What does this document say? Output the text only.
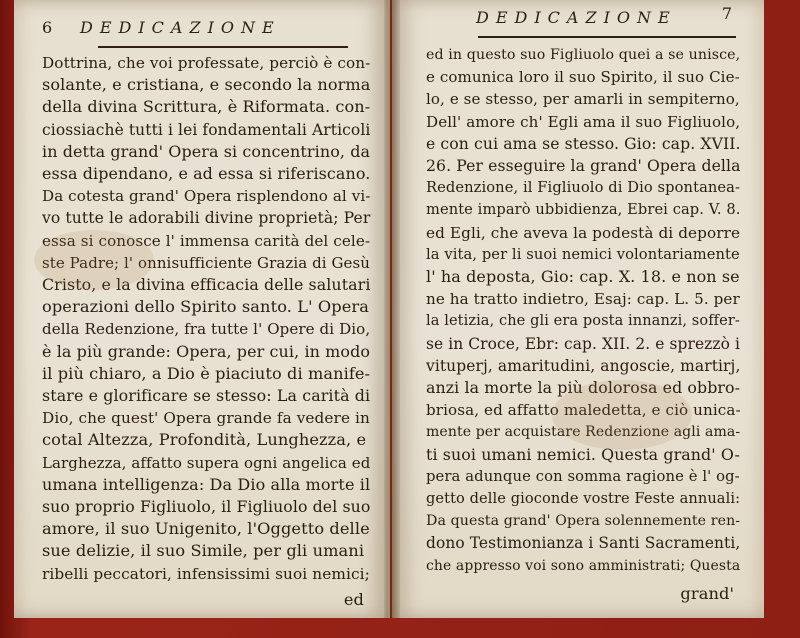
6 DEDICAZIONE
Dottrina, che voi professate, perciò è con-
solante, e cristiana, e secondo la norma
della divina Scrittura, è Riformata. con-
ciossiachè tutti i lei fondamentali Articoli
in detta grand' Opera si concentrino, da
essa dipendano, e ad essa si riferiscano.
Da cotesta grand' Opera risplendono al vi-
vo tutte le adorabili divine proprietà; Per
essa si conosce l' immensa carità del cele-
ste Padre; l' onnisufficiente Grazia di Gesù
Cristo, e la divina efficacia delle salutari
operazioni dello Spirito santo. L' Opera
della Redenzione, fra tutte l' Opere di Dio,
è la più grande: Opera, per cui, in modo
il più chiaro, a Dio è piaciuto di manife-
stare e glorificare se stesso: La carità di
Dio, che quest' Opera grande fa vedere in
cotal Altezza, Profondità, Lunghezza, e
Larghezza, affatto supera ogni angelica ed
umana intelligenza: Da Dio alla morte il
suo proprio Figliuolo, il Figliuolo del suo
amore, il suo Unigenito, l'Oggetto delle
sue delizie, il suo Simile, per gli umani
ribelli peccatori, infensissimi suoi nemici;
ed
DEDICAZIONE	7
ed in questo suo Figliuolo quei a se unisce,
e comunica loro il suo Spirito, il suo Cie-
lo, e se stesso, per amarli in sempiterno,
Dell' amore ch' Egli ama il suo Figliuolo,
e con cui ama se stesso. Gio: cap. XVII.
26. Per esseguire la grand' Opera della
Redenzione, il Figliuolo di Dio spontanea-
mente imparò ubbidienza, Ebrei cap. V. 8.
ed Egli, che aveva la podestà di deporre
la vita, per li suoi nemici volontariamente
l' ha deposta, Gio: cap. X. 18. e non se
ne ha tratto indietro, Esaj: cap. L. 5. per
la letizia, che gli era posta innanzi, soffer-
se in Croce, Ebr: cap. XII. 2. e sprezzò i
vituperj, amaritudini, angoscie, martirj,
anzi la morte la più dolorosa ed obbro-
briosa, ed affatto maledetta, e ciò unica-
mente per acquistare Redenzione agli ama-
ti suoi umani nemici. Questa grand' O-
pera adunque con somma ragione è l' og-
getto delle giocondе vostre Feste annuali:
Da questa grand' Opera solennemente ren-
dono Testimonianza i Santi Sacramenti,
che appresso voi sono amministrati; Questa
grand'
